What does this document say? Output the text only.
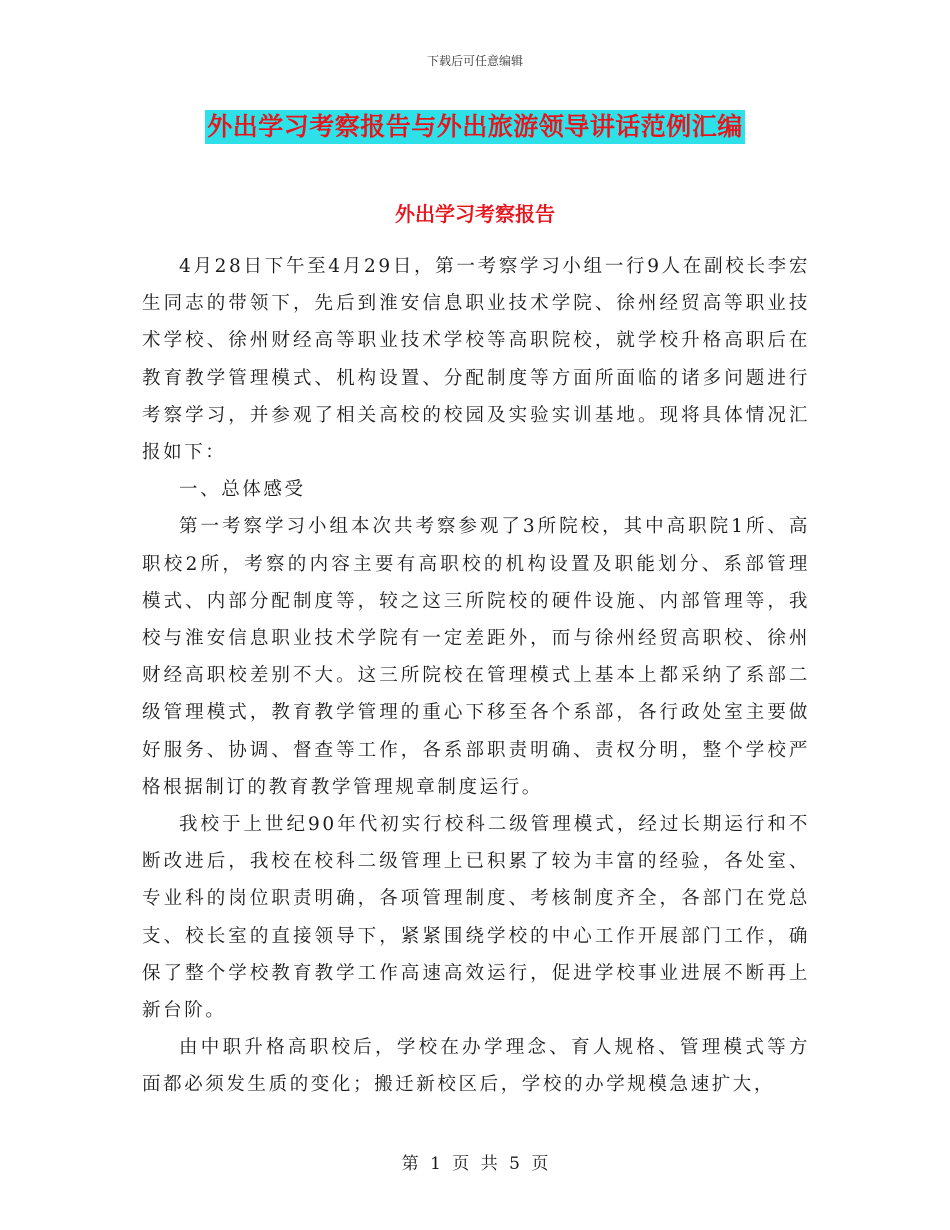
下载后可任意编辑
外出学习考察报告与外出旅游领导讲话范例汇编
外出学习考察报告

4月28日下午至4月29日，第一考察学习小组一行9人在副校长李宏生同志的带领下，先后到淮安信息职业技术学院、徐州经贸高等职业技术学校、徐州财经高等职业技术学校等高职院校，就学校升格高职后在教育教学管理模式、机构设置、分配制度等方面所面临的诸多问题进行考察学习，并参观了相关高校的校园及实验实训基地。现将具体情况汇报如下：

一、总体感受

第一考察学习小组本次共考察参观了3所院校，其中高职院1所、高职校2所，考察的内容主要有高职校的机构设置及职能划分、系部管理模式、内部分配制度等，较之这三所院校的硬件设施、内部管理等，我校与淮安信息职业技术学院有一定差距外，而与徐州经贸高职校、徐州财经高职校差别不大。这三所院校在管理模式上基本上都采纳了系部二级管理模式，教育教学管理的重心下移至各个系部，各行政处室主要做好服务、协调、督查等工作，各系部职责明确、责权分明，整个学校严格根据制订的教育教学管理规章制度运行。

我校于上世纪90年代初实行校科二级管理模式，经过长期运行和不断改进后，我校在校科二级管理上已积累了较为丰富的经验，各处室、专业科的岗位职责明确，各项管理制度、考核制度齐全，各部门在党总支、校长室的直接领导下，紧紧围绕学校的中心工作开展部门工作，确保了整个学校教育教学工作高速高效运行，促进学校事业进展不断再上新台阶。

由中职升格高职校后，学校在办学理念、育人规格、管理模式等方面都必须发生质的变化；搬迁新校区后，学校的办学规模急速扩大，

第 1 页 共 5 页
